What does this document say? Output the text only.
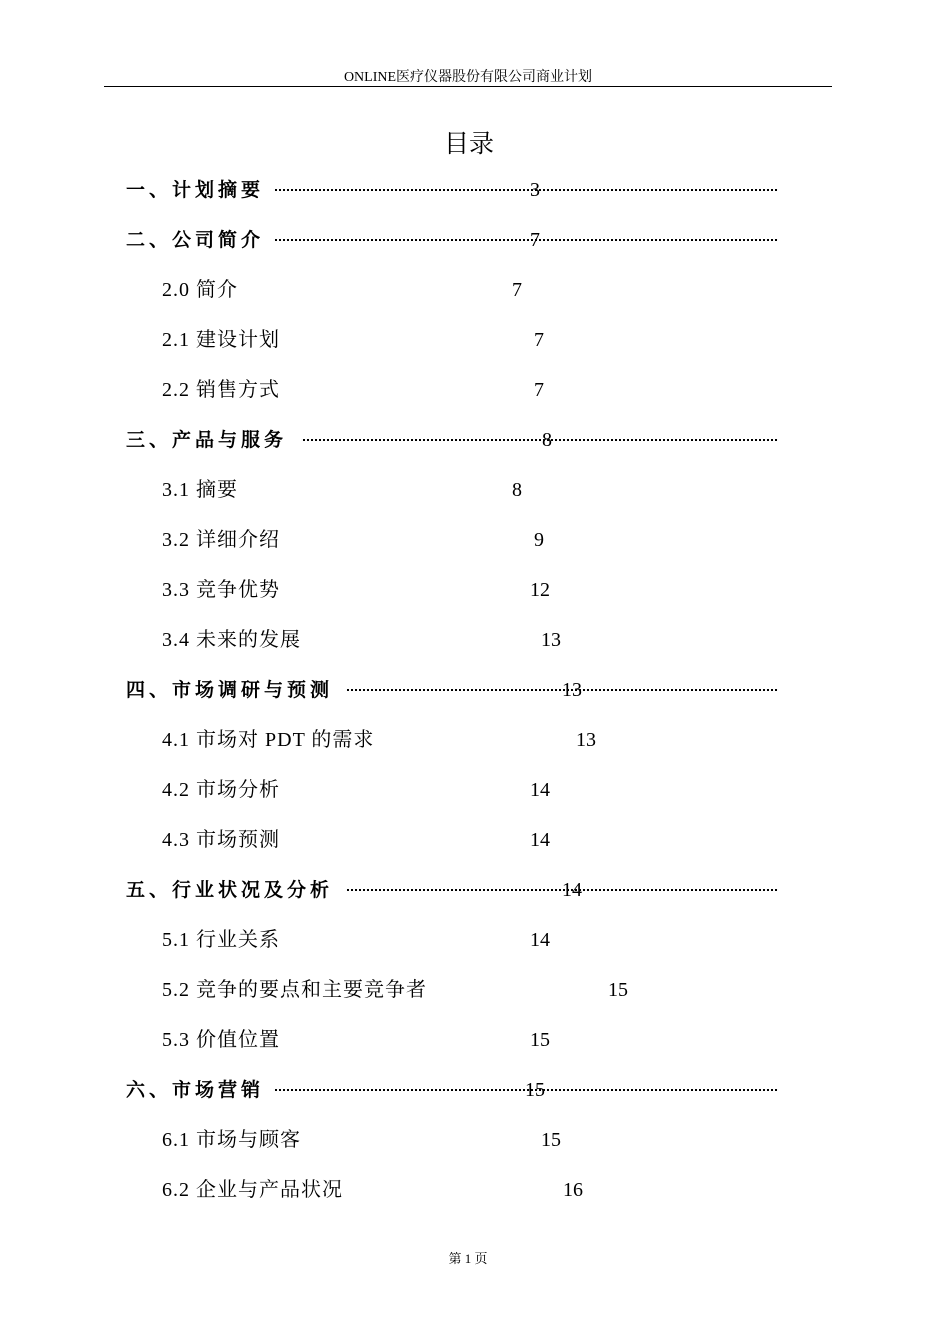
ONLINE医疗仪器股份有限公司商业计划
目录
一、计划摘要	3
二、公司简介	7
2.0 简介	7
2.1 建设计划	7
2.2 销售方式	7
三、产品与服务	8
3.1 摘要	8
3.2 详细介绍	9
3.3 竞争优势	12
3.4 未来的发展	13
四、市场调研与预测	13
4.1 市场对 PDT 的需求	13
4.2 市场分析	14
4.3 市场预测	14
五、行业状况及分析	14
5.1 行业关系	14
5.2 竞争的要点和主要竞争者	15
5.3 价值位置	15
六、市场营销	15
6.1 市场与顾客	15
6.2 企业与产品状况	16
第 1 页
